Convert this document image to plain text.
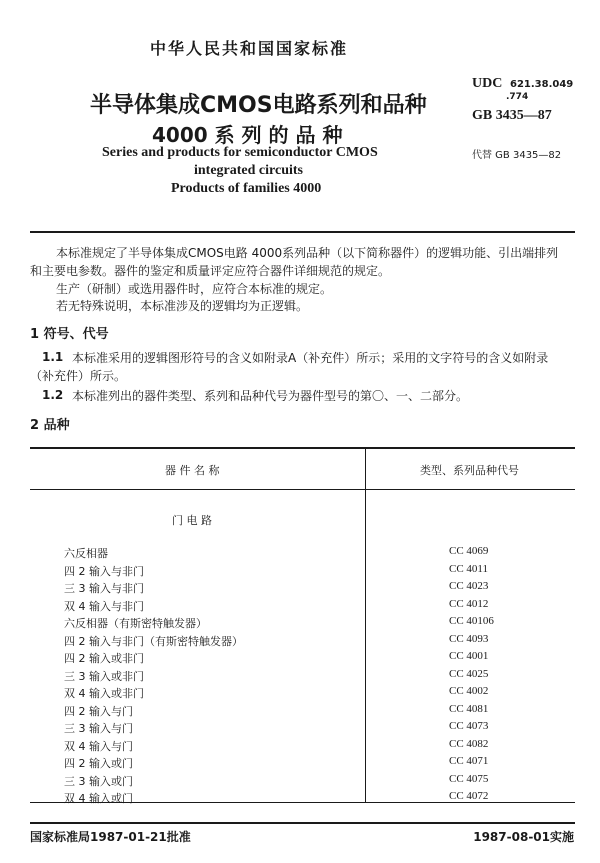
中华人民共和国国家标准
半导体集成CMOS电路系列和品种
4000 系 列 的 品 种
Series and products for semiconductor CMOS
integrated circuits
Products of families 4000
UDC 621.38.049
.774
GB 3435—87
代替 GB 3435—82
本标准规定了半导体集成CMOS电路 4000系列品种（以下简称器件）的逻辑功能、引出端排列
和主要电参数。器件的鉴定和质量评定应符合器件详细规范的规定。
生产（研制）或选用器件时，应符合本标准的规定。
若无特殊说明，本标准涉及的逻辑均为正逻辑。
1 符号、代号
1.1 本标准采用的逻辑图形符号的含义如附录A（补充件）所示；采用的文字符号的含义如附录
（补充件）所示。
1.2 本标准列出的器件类型、系列和品种代号为器件型号的第〇、一、二部分。
2 品种
器 件 名 称	类型、系列品种代号
门 电 路
六反相器	CC 4069
四 2 输入与非门	CC 4011
三 3 输入与非门	CC 4023
双 4 输入与非门	CC 4012
六反相器（有斯密特触发器）	CC 40106
四 2 输入与非门（有斯密特触发器）	CC 4093
四 2 输入或非门	CC 4001
三 3 输入或非门	CC 4025
双 4 输入或非门	CC 4002
四 2 输入与门	CC 4081
三 3 输入与门	CC 4073
双 4 输入与门	CC 4082
四 2 输入或门	CC 4071
三 3 输入或门	CC 4075
双 4 输入或门	CC 4072
国家标准局1987-01-21批准	1987-08-01实施
